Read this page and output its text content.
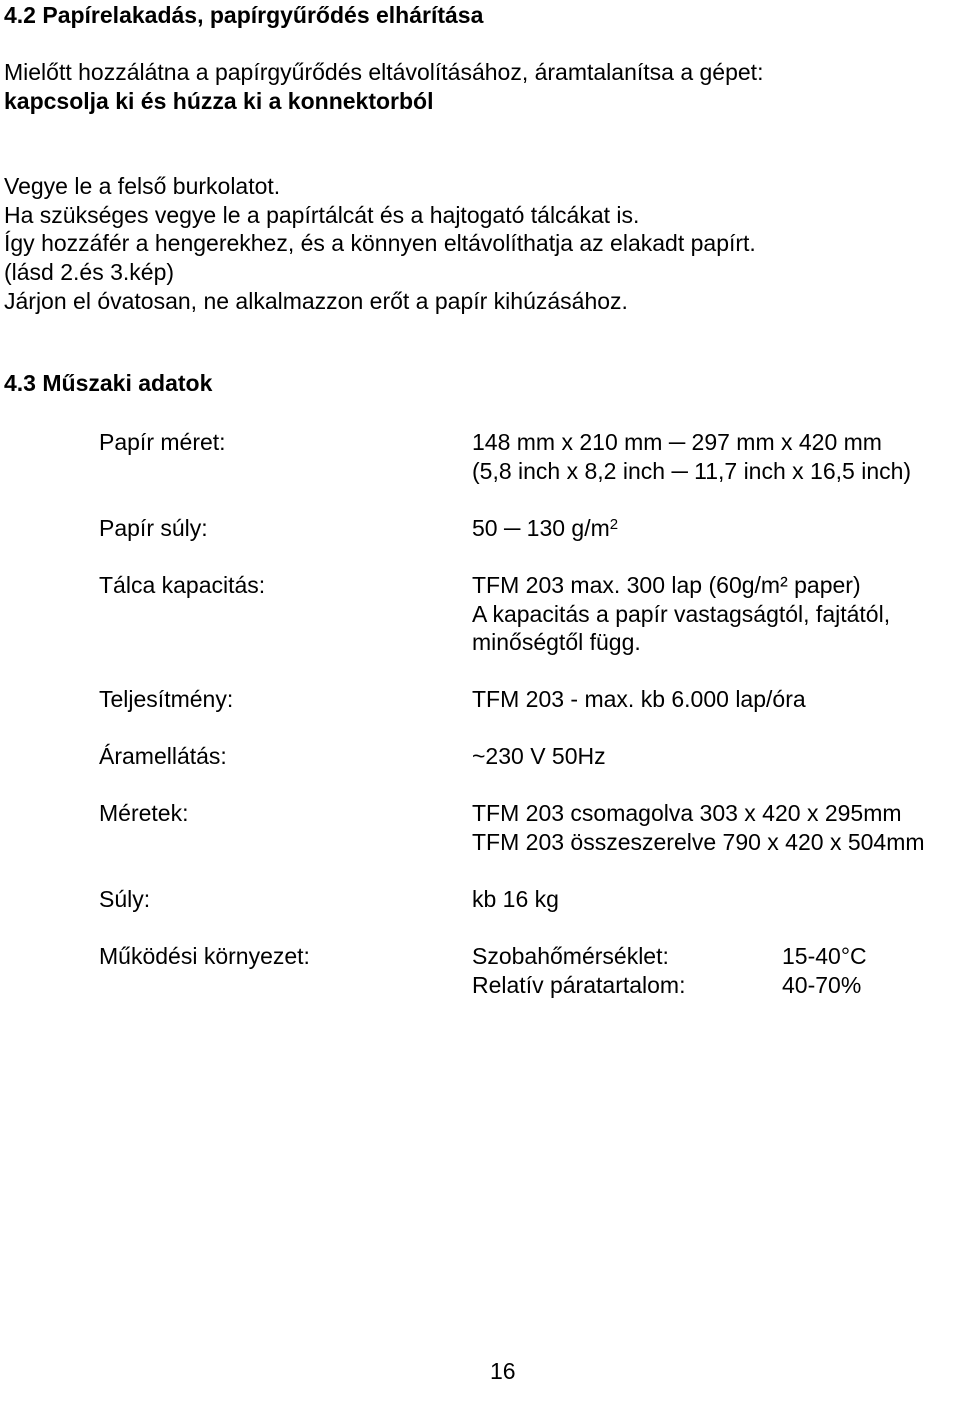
4.2 Papírelakadás, papírgyűrődés elhárítása
Mielőtt hozzálátna a papírgyűrődés eltávolításához, áramtalanítsa a gépet:
kapcsolja ki és húzza ki a konnektorból
Vegye le a felső burkolatot.
Ha szükséges vegye le a papírtálcát és a hajtogató tálcákat is.
Így hozzáfér a hengerekhez, és a könnyen eltávolíthatja az elakadt papírt.
(lásd 2.és 3.kép)
Járjon el óvatosan, ne alkalmazzon erőt a papír kihúzásához.
4.3 Műszaki adatok
Papír méret:	148 mm x 210 mm ─ 297 mm x 420 mm
(5,8 inch x 8,2 inch ─ 11,7 inch x 16,5 inch)
Papír súly:	50 ─ 130 $g/m^2$
Tálca kapacitás:	TFM 203 max. 300 lap (60g/m² paper)
A kapacitás a papír vastagságtól, fajtától,
minőségtől függ.
Teljesítmény:	TFM 203 - max. kb 6.000 lap/óra
Áramellátás:	~230 V 50Hz
Méretek:	TFM 203 csomagolva 303 x 420 x 295mm
TFM 203 összeszerelve 790 x 420 x 504mm
Súly:	kb 16 kg
Működési környezet:	Szobahőmérséklet:	15-40°C
Relatív páratartalom:	40-70%
16
